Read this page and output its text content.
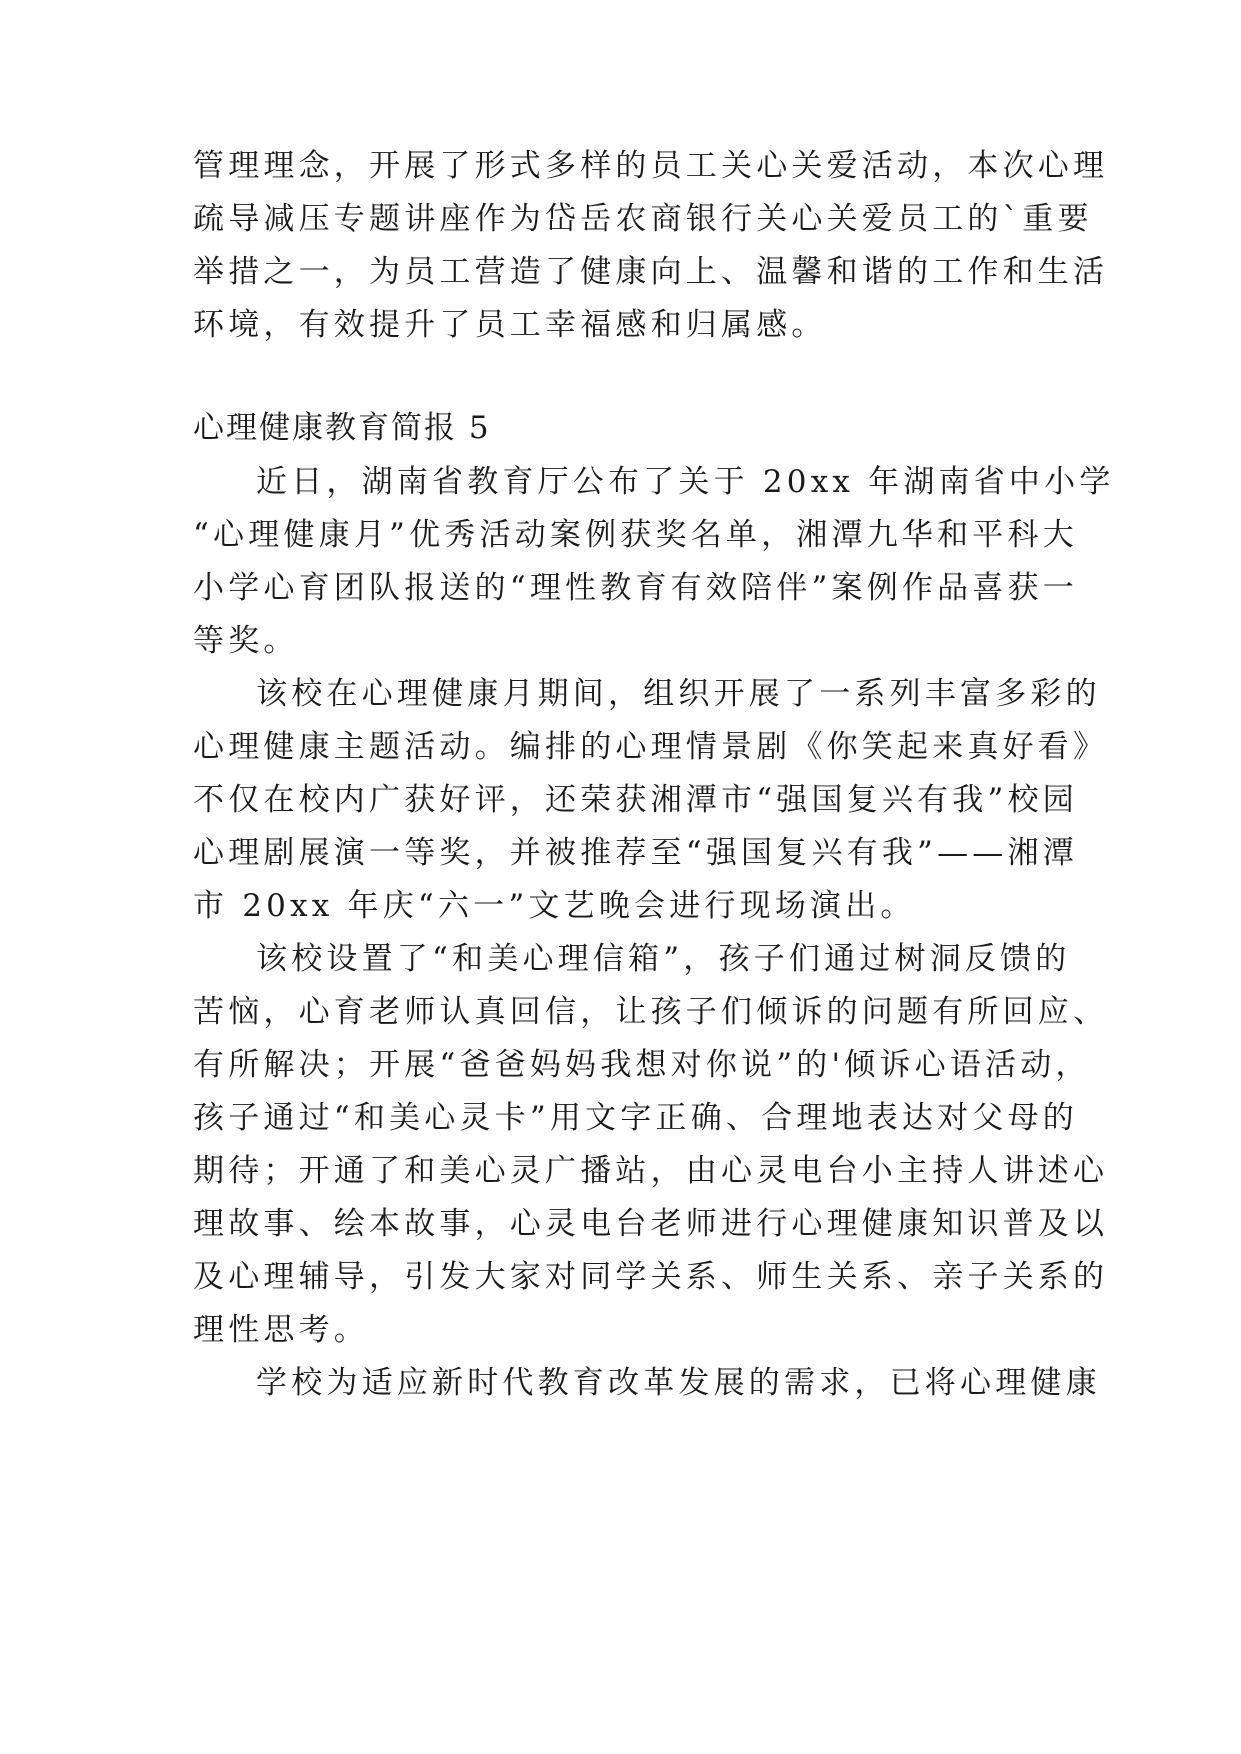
管理理念，开展了形式多样的员工关心关爱活动，本次心理
疏导减压专题讲座作为岱岳农商银行关心关爱员工的`重要
举措之一，为员工营造了健康向上、温馨和谐的工作和生活
环境，有效提升了员工幸福感和归属感。
心理健康教育简报 5
近日，湖南省教育厅公布了关于 20xx 年湖南省中小学
“心理健康月”优秀活动案例获奖名单，湘潭九华和平科大
小学心育团队报送的“理性教育有效陪伴”案例作品喜获一
等奖。
该校在心理健康月期间，组织开展了一系列丰富多彩的
心理健康主题活动。编排的心理情景剧《你笑起来真好看》
不仅在校内广获好评，还荣获湘潭市“强国复兴有我”校园
心理剧展演一等奖，并被推荐至“强国复兴有我”——湘潭
市 20xx 年庆“六一”文艺晚会进行现场演出。
该校设置了“和美心理信箱”，孩子们通过树洞反馈的
苦恼，心育老师认真回信，让孩子们倾诉的问题有所回应、
有所解决；开展“爸爸妈妈我想对你说”的'倾诉心语活动，
孩子通过“和美心灵卡”用文字正确、合理地表达对父母的
期待；开通了和美心灵广播站，由心灵电台小主持人讲述心
理故事、绘本故事，心灵电台老师进行心理健康知识普及以
及心理辅导，引发大家对同学关系、师生关系、亲子关系的
理性思考。
学校为适应新时代教育改革发展的需求，已将心理健康
